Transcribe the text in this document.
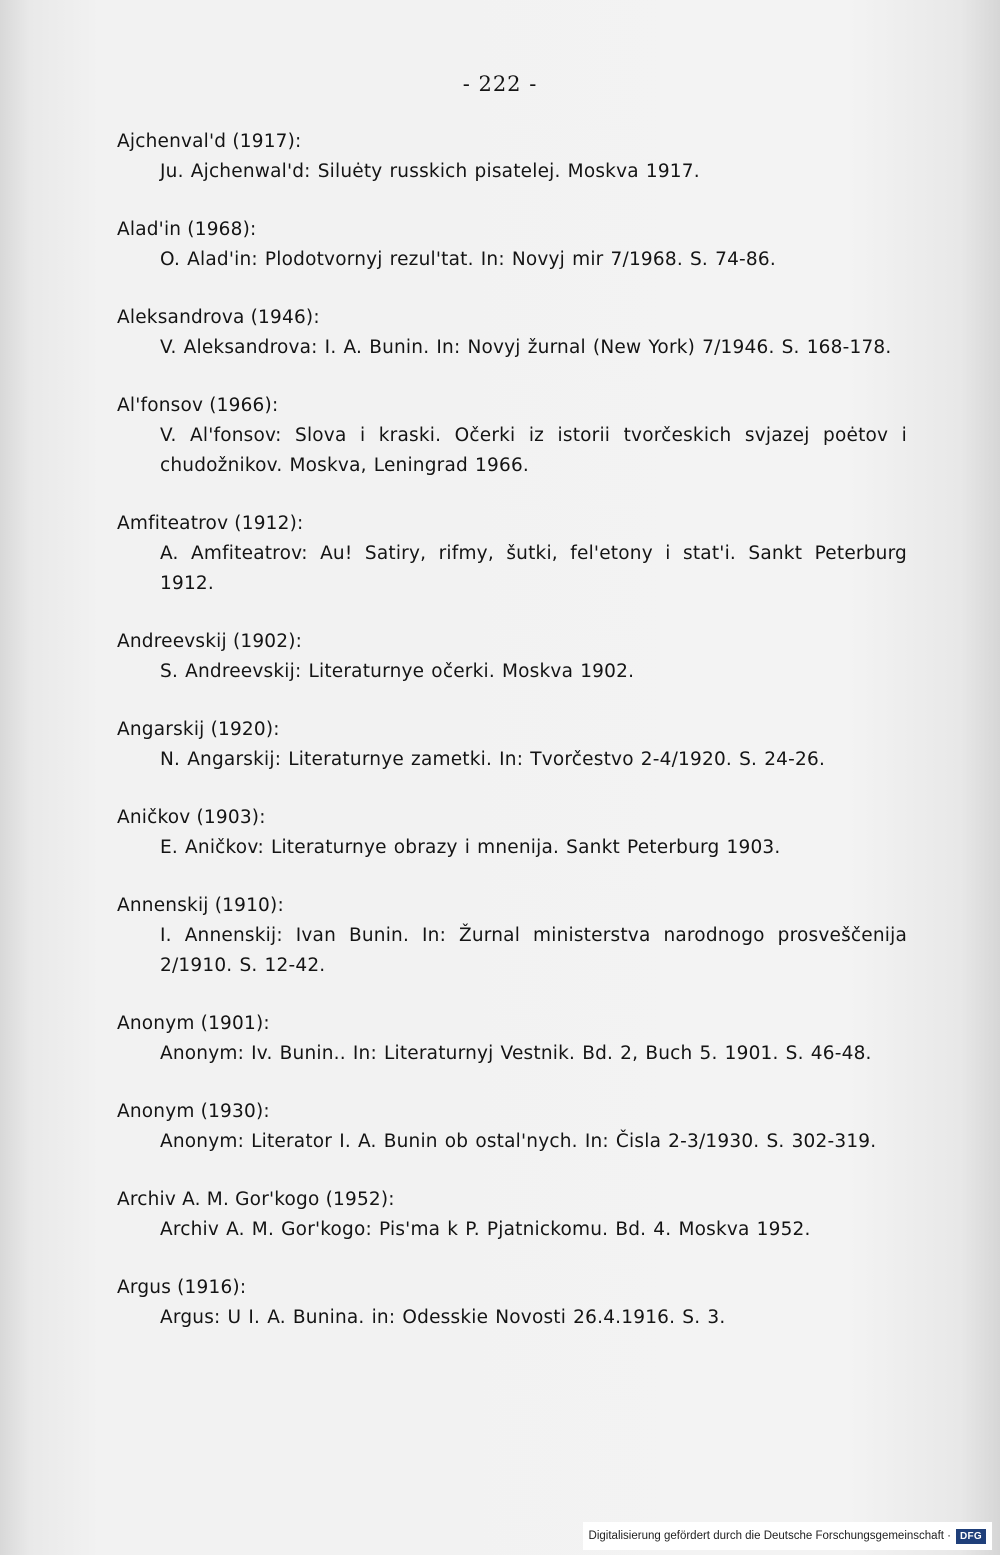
- 222 -
Ajchenval'd (1917):
Ju. Ajchenwal'd: Siluėty russkich pisatelej. Moskva 1917.
Alad'in (1968):
O. Alad'in: Plodotvornyj rezul'tat. In: Novyj mir 7/1968. S. 74-86.
Aleksandrova (1946):
V. Aleksandrova: I. A. Bunin. In: Novyj žurnal (New York) 7/1946. S. 168-178.
Al'fonsov (1966):
V. Al'fonsov: Slova i kraski. Očerki iz istorii tvorčeskich svjazej poėtov i chudožnikov. Moskva, Leningrad 1966.
Amfiteatrov (1912):
A. Amfiteatrov: Au! Satiry, rifmy, šutki, fel'etony i stat'i. Sankt Peterburg 1912.
Andreevskij (1902):
S. Andreevskij: Literaturnye očerki. Moskva 1902.
Angarskij (1920):
N. Angarskij: Literaturnye zametki. In: Tvorčestvo 2-4/1920. S. 24-26.
Aničkov (1903):
E. Aničkov: Literaturnye obrazy i mnenija. Sankt Peterburg 1903.
Annenskij (1910):
I. Annenskij: Ivan Bunin. In: Žurnal ministerstva narodnogo prosveščenija 2/1910. S. 12-42.
Anonym (1901):
Anonym: Iv. Bunin.. In: Literaturnyj Vestnik. Bd. 2, Buch 5. 1901. S. 46-48.
Anonym (1930):
Anonym: Literator I. A. Bunin ob ostal'nych. In: Čisla 2-3/1930. S. 302-319.
Archiv A. M. Gor'kogo (1952):
Archiv A. M. Gor'kogo: Pis'ma k P. Pjatnickomu. Bd. 4. Moskva 1952.
Argus (1916):
Argus: U I. A. Bunina. in: Odesskie Novosti 26.4.1916. S. 3.
Digitalisierung gefördert durch die Deutsche Forschungsgemeinschaft · DFG
